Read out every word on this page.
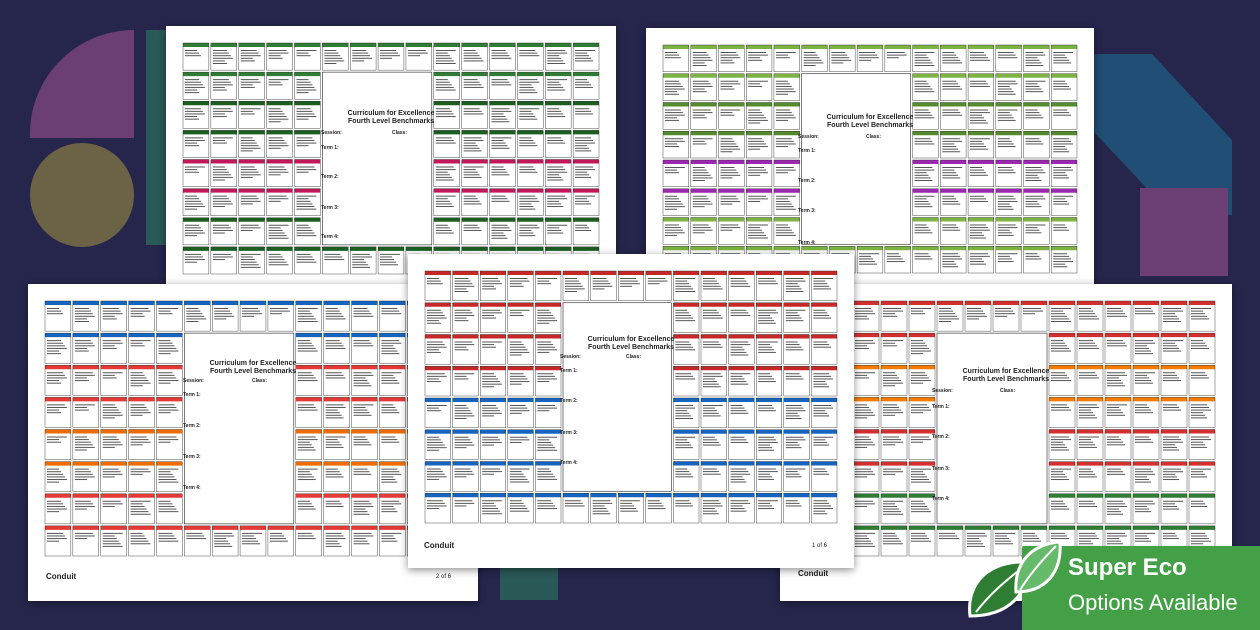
Curriculum for Excellence
Fourth Level Benchmarks
Session:	Class:
Term 1:
Term 2:
Term 3:
Term 4:
Curriculum for Excellence
Fourth Level Benchmarks
Session:	Class:
Term 1:
Term 2:
Term 3:
Term 4:
Curriculum for Excellence
Fourth Level Benchmarks
Session:	Class:
Term 1:
Term 2:
Term 3:
Term 4:
Conduit	2 of 6
Curriculum for Excellence
Fourth Level Benchmarks
Session:	Class:
Term 1:
Term 2:
Term 3:
Term 4:
Conduit
Curriculum for Excellence
Fourth Level Benchmarks
Session:	Class:
Term 1:
Term 2:
Term 3:
Term 4:
Conduit	1 of 6
Super Eco
Options Available
